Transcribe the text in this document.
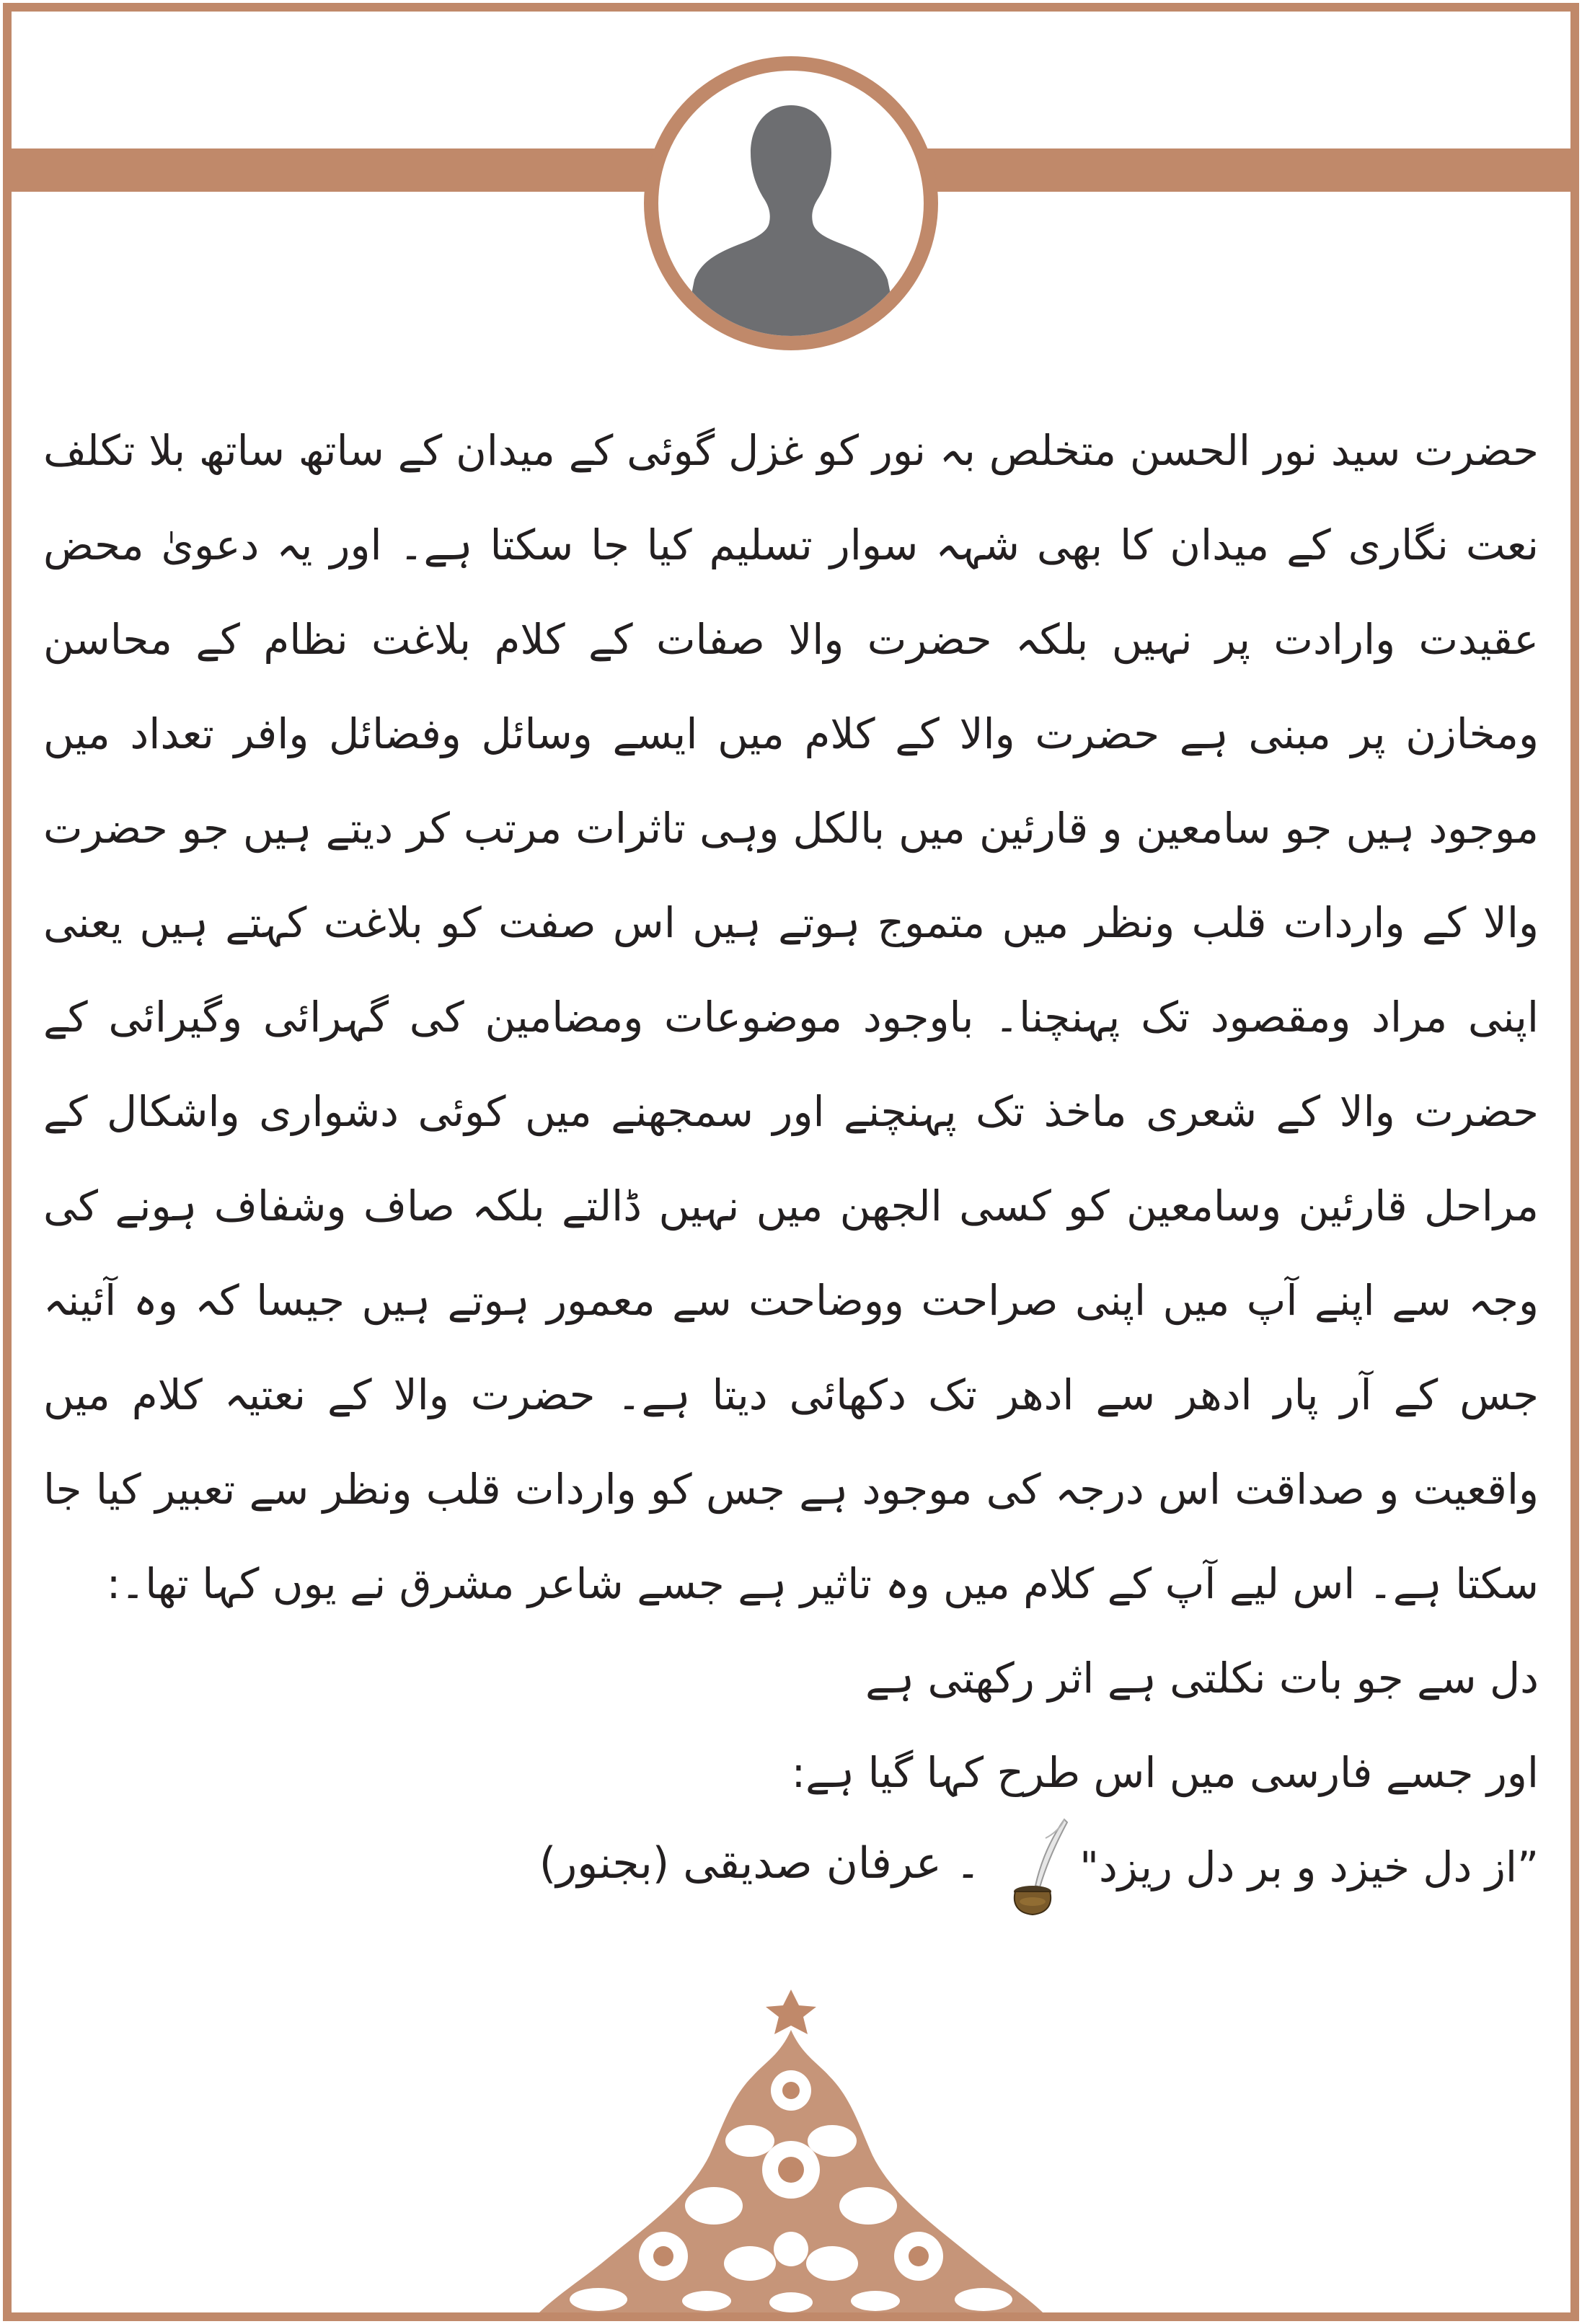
حضرت سید نور الحسن متخلص بہ نور کو غزل گوئی کے میدان کے ساتھ ساتھ بلا تکلف نعت نگاری کے میدان کا بھی شہہ سوار تسلیم کیا جا سکتا ہے۔ اور یہ دعویٰ محض عقیدت وارادت پر نہیں بلکہ حضرت والا صفات کے کلام بلاغت نظام کے محاسن ومخازن پر مبنی ہے حضرت والا کے کلام میں ایسے وسائل وفضائل وافر تعداد میں موجود ہیں جو سامعین و قارئین میں بالکل وہی تاثرات مرتب کر دیتے ہیں جو حضرت والا کے واردات قلب ونظر میں متموج ہوتے ہیں اس صفت کو بلاغت کہتے ہیں یعنی اپنی مراد ومقصود تک پہنچنا۔ باوجود موضوعات ومضامین کی گہرائی وگیرائی کے حضرت والا کے شعری ماخذ تک پہنچنے اور سمجھنے میں کوئی دشواری واشکال کے مراحل قارئین وسامعین کو کسی الجھن میں نہیں ڈالتے بلکہ صاف وشفاف ہونے کی وجہ سے اپنے آپ میں اپنی صراحت ووضاحت سے معمور ہوتے ہیں جیسا کہ وہ آئینہ جس کے آر پار ادھر سے ادھر تک دکھائی دیتا ہے۔ حضرت والا کے نعتیہ کلام میں واقعیت و صداقت اس درجہ کی موجود ہے جس کو واردات قلب ونظر سے تعبیر کیا جا سکتا ہے۔ اس لیے آپ کے کلام میں وہ تاثیر ہے جسے شاعر مشرق نے یوں کہا تھا۔:

دل سے جو بات نکلتی ہے اثر رکھتی ہے

اور جسے فارسی میں اس طرح کہا گیا ہے:

”از دل خیزد و بر دل ریزد"

۔ عرفان صدیقی (بجنور)
